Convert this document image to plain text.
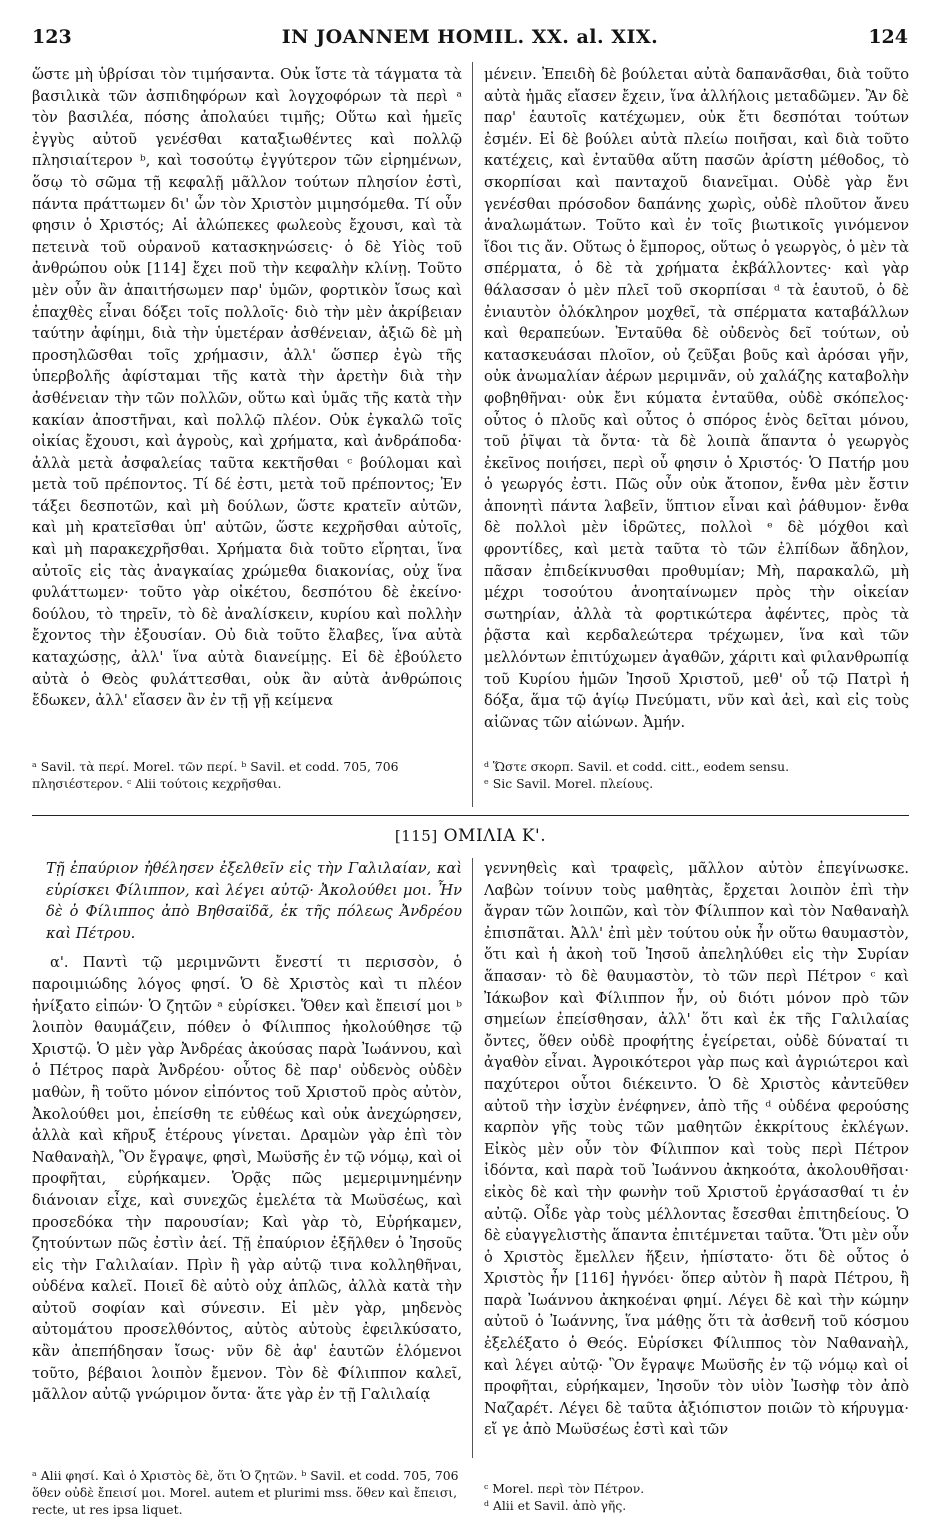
123	IN JOANNEM HOMIL. XX. al. XIX.	124

ὥστε μὴ ὑβρίσαι τὸν τιμήσαντα. Οὐκ ἴστε τὰ τάγματα τὰ βασιλικὰ τῶν ἀσπιδηφόρων καὶ λογχοφόρων τὰ περὶ ᵃ τὸν βασιλέα, πόσης ἀπολαύει τιμῆς; Οὕτω καὶ ἡμεῖς ἐγγὺς αὐτοῦ γενέσθαι καταξιωθέντες καὶ πολλῷ πλησιαίτερον ᵇ, καὶ τοσούτῳ ἐγγύτερον τῶν εἰρημένων, ὅσῳ τὸ σῶμα τῇ κεφαλῇ μᾶλλον τούτων πλησίον ἐστὶ, πάντα πράττωμεν δι' ὧν τὸν Χριστὸν μιμησόμεθα. Τί οὖν φησιν ὁ Χριστός; Αἱ ἀλώπεκες φωλεοὺς ἔχουσι, καὶ τὰ πετεινὰ τοῦ οὐρανοῦ κατασκηνώσεις· ὁ δὲ Υἱὸς τοῦ ἀνθρώπου οὐκ [114] ἔχει ποῦ τὴν κεφαλὴν κλίνῃ. Τοῦτο μὲν οὖν ἂν ἀπαιτήσωμεν παρ' ὑμῶν, φορτικὸν ἴσως καὶ ἐπαχθὲς εἶναι δόξει τοῖς πολλοῖς· διὸ τὴν μὲν ἀκρίβειαν ταύτην ἀφίημι, διὰ τὴν ὑμετέραν ἀσθένειαν, ἀξιῶ δὲ μὴ προσηλῶσθαι τοῖς χρήμασιν, ἀλλ' ὥσπερ ἐγὼ τῆς ὑπερβολῆς ἀφίσταμαι τῆς κατὰ τὴν ἀρετὴν διὰ τὴν ἀσθένειαν τὴν τῶν πολλῶν, οὕτω καὶ ὑμᾶς τῆς κατὰ τὴν κακίαν ἀποστῆναι, καὶ πολλῷ πλέον. Οὐκ ἐγκαλῶ τοῖς οἰκίας ἔχουσι, καὶ ἀγροὺς, καὶ χρήματα, καὶ ἀνδράποδα· ἀλλὰ μετὰ ἀσφαλείας ταῦτα κεκτῆσθαι ᶜ βούλομαι καὶ μετὰ τοῦ πρέποντος. Τί δέ ἐστι, μετὰ τοῦ πρέποντος; Ἐν τάξει δεσποτῶν, καὶ μὴ δούλων, ὥστε κρατεῖν αὐτῶν, καὶ μὴ κρατεῖσθαι ὑπ' αὐτῶν, ὥστε κεχρῆσθαι αὐτοῖς, καὶ μὴ παρακεχρῆσθαι. Χρήματα διὰ τοῦτο εἴρηται, ἵνα αὐτοῖς εἰς τὰς ἀναγκαίας χρώμεθα διακονίας, οὐχ ἵνα φυλάττωμεν· τοῦτο γὰρ οἰκέτου, δεσπότου δὲ ἐκείνο· δούλου, τὸ τηρεῖν, τὸ δὲ ἀναλίσκειν, κυρίου καὶ πολλὴν ἔχοντος τὴν ἐξουσίαν. Οὐ διὰ τοῦτο ἔλαβες, ἵνα αὐτὰ καταχώσῃς, ἀλλ' ἵνα αὐτὰ διανείμῃς. Εἰ δὲ ἐβούλετο αὐτὰ ὁ Θεὸς φυλάττεσθαι, οὐκ ἂν αὐτὰ ἀνθρώποις ἔδωκεν, ἀλλ' εἴασεν ἂν ἐν τῇ γῇ κείμενα

μένειν. Ἐπειδὴ δὲ βούλεται αὐτὰ δαπανᾶσθαι, διὰ τοῦτο αὐτὰ ἡμᾶς εἴασεν ἔχειν, ἵνα ἀλλήλοις μεταδῶμεν. Ἂν δὲ παρ' ἑαυτοῖς κατέχωμεν, οὐκ ἔτι δεσπόται τούτων ἐσμέν. Εἰ δὲ βούλει αὐτὰ πλείω ποιῆσαι, καὶ διὰ τοῦτο κατέχεις, καὶ ἐνταῦθα αὕτη πασῶν ἀρίστη μέθοδος, τὸ σκορπίσαι καὶ πανταχοῦ διανεῖμαι. Οὐδὲ γὰρ ἔνι γενέσθαι πρόσοδον δαπάνης χωρὶς, οὐδὲ πλοῦτον ἄνευ ἀναλωμάτων. Τοῦτο καὶ ἐν τοῖς βιωτικοῖς γινόμενον ἴδοι τις ἄν. Οὕτως ὁ ἔμπορος, οὕτως ὁ γεωργὸς, ὁ μὲν τὰ σπέρματα, ὁ δὲ τὰ χρήματα ἐκβάλλοντες· καὶ γὰρ θάλασσαν ὁ μὲν πλεῖ τοῦ σκορπίσαι ᵈ τὰ ἑαυτοῦ, ὁ δὲ ἐνιαυτὸν ὁλόκληρον μοχθεῖ, τὰ σπέρματα καταβάλλων καὶ θεραπεύων. Ἐνταῦθα δὲ οὐδενὸς δεῖ τούτων, οὐ κατασκευάσαι πλοῖον, οὐ ζεῦξαι βοῦς καὶ ἀρόσαι γῆν, οὐκ ἀνωμαλίαν ἀέρων μεριμνᾶν, οὐ χαλάζης καταβολὴν φοβηθῆναι· οὐκ ἔνι κύματα ἐνταῦθα, οὐδὲ σκόπελος· οὗτος ὁ πλοῦς καὶ οὗτος ὁ σπόρος ἑνὸς δεῖται μόνου, τοῦ ῥῖψαι τὰ ὄντα· τὰ δὲ λοιπὰ ἅπαντα ὁ γεωργὸς ἐκεῖνος ποιήσει, περὶ οὗ φησιν ὁ Χριστός· Ὁ Πατήρ μου ὁ γεωργός ἐστι. Πῶς οὖν οὐκ ἄτοπον, ἔνθα μὲν ἔστιν ἀπονητὶ πάντα λαβεῖν, ὕπτιον εἶναι καὶ ῥάθυμον· ἔνθα δὲ πολλοὶ μὲν ἱδρῶτες, πολλοὶ ᵉ δὲ μόχθοι καὶ φροντίδες, καὶ μετὰ ταῦτα τὸ τῶν ἐλπίδων ἄδηλον, πᾶσαν ἐπιδείκνυσθαι προθυμίαν; Μὴ, παρακαλῶ, μὴ μέχρι τοσούτου ἀνοηταίνωμεν πρὸς τὴν οἰκείαν σωτηρίαν, ἀλλὰ τὰ φορτικώτερα ἀφέντες, πρὸς τὰ ῥᾷστα καὶ κερδαλεώτερα τρέχωμεν, ἵνα καὶ τῶν μελλόντων ἐπιτύχωμεν ἀγαθῶν, χάριτι καὶ φιλανθρωπίᾳ τοῦ Κυρίου ἡμῶν Ἰησοῦ Χριστοῦ, μεθ' οὗ τῷ Πατρὶ ἡ δόξα, ἅμα τῷ ἁγίῳ Πνεύματι, νῦν καὶ ἀεὶ, καὶ εἰς τοὺς αἰῶνας τῶν αἰώνων. Ἀμήν.

ᵃ Savil. τὰ περί. Morel. τῶν περί. ᵇ Savil. et codd. 705, 706 πλησιέστερον. ᶜ Alii τούτοις κεχρῆσθαι.

ᵈ Ὥστε σκορπ. Savil. et codd. citt., eodem sensu.

ᵉ Sic Savil. Morel. πλείους.

[115] ΟΜΙΛΙΑ Κ'.

Τῇ ἐπαύριον ἠθέλησεν ἐξελθεῖν εἰς τὴν Γαλιλαίαν, καὶ εὑρίσκει Φίλιππον, καὶ λέγει αὐτῷ· Ἀκολούθει μοι. Ἦν δὲ ὁ Φίλιππος ἀπὸ Βηθσαϊδᾶ, ἐκ τῆς πόλεως Ἀνδρέου καὶ Πέτρου.

α'. Παντὶ τῷ μεριμνῶντι ἔνεστί τι περισσὸν, ὁ παροιμιώδης λόγος φησί. Ὁ δὲ Χριστὸς καὶ τι πλέον ἠνίξατο εἰπών· Ὁ ζητῶν ᵃ εὑρίσκει. Ὅθεν καὶ ἔπεισί μοι ᵇ λοιπὸν θαυμάζειν, πόθεν ὁ Φίλιππος ἠκολούθησε τῷ Χριστῷ. Ὁ μὲν γὰρ Ἀνδρέας ἀκούσας παρὰ Ἰωάννου, καὶ ὁ Πέτρος παρὰ Ἀνδρέου· οὗτος δὲ παρ' οὐδενὸς οὐδὲν μαθὼν, ἢ τοῦτο μόνον εἰπόντος τοῦ Χριστοῦ πρὸς αὐτὸν, Ἀκολούθει μοι, ἐπείσθη τε εὐθέως καὶ οὐκ ἀνεχώρησεν, ἀλλὰ καὶ κῆρυξ ἑτέρους γίνεται. Δραμὼν γὰρ ἐπὶ τὸν Ναθαναὴλ, Ὃν ἔγραψε, φησὶ, Μωϋσῆς ἐν τῷ νόμῳ, καὶ οἱ προφῆται, εὑρήκαμεν. Ὁρᾷς πῶς μεμεριμνημένην διάνοιαν εἶχε, καὶ συνεχῶς ἐμελέτα τὰ Μωϋσέως, καὶ προσεδόκα τὴν παρουσίαν; Καὶ γὰρ τὸ, Εὑρήκαμεν, ζητούντων πῶς ἐστὶν ἀεί. Τῇ ἐπαύριον ἐξῆλθεν ὁ Ἰησοῦς εἰς τὴν Γαλιλαίαν. Πρὶν ἢ γὰρ αὐτῷ τινα κολληθῆναι, οὐδένα καλεῖ. Ποιεῖ δὲ αὐτὸ οὐχ ἁπλῶς, ἀλλὰ κατὰ τὴν αὐτοῦ σοφίαν καὶ σύνεσιν. Εἰ μὲν γὰρ, μηδενὸς αὐτομάτου προσελθόντος, αὐτὸς αὐτοὺς ἐφειλκύσατο, κἂν ἀπεπήδησαν ἴσως· νῦν δὲ ἀφ' ἑαυτῶν ἑλόμενοι τοῦτο, βέβαιοι λοιπὸν ἔμενον. Τὸν δὲ Φίλιππον καλεῖ, μᾶλλον αὐτῷ γνώριμον ὄντα· ἅτε γὰρ ἐν τῇ Γαλιλαίᾳ

γεννηθεὶς καὶ τραφεὶς, μᾶλλον αὐτὸν ἐπεγίνωσκε. Λαβὼν τοίνυν τοὺς μαθητὰς, ἔρχεται λοιπὸν ἐπὶ τὴν ἄγραν τῶν λοιπῶν, καὶ τὸν Φίλιππον καὶ τὸν Ναθαναὴλ ἐπισπᾶται. Ἀλλ' ἐπὶ μὲν τούτου οὐκ ἦν οὕτω θαυμαστὸν, ὅτι καὶ ἡ ἀκοὴ τοῦ Ἰησοῦ ἀπεληλύθει εἰς τὴν Συρίαν ἅπασαν· τὸ δὲ θαυμαστὸν, τὸ τῶν περὶ Πέτρον ᶜ καὶ Ἰάκωβον καὶ Φίλιππον ἦν, οὐ διότι μόνον πρὸ τῶν σημείων ἐπείσθησαν, ἀλλ' ὅτι καὶ ἐκ τῆς Γαλιλαίας ὄντες, ὅθεν οὐδὲ προφήτης ἐγείρεται, οὐδὲ δύναταί τι ἀγαθὸν εἶναι. Ἀγροικότεροι γὰρ πως καὶ ἀγριώτεροι καὶ παχύτεροι οὗτοι διέκειντο. Ὁ δὲ Χριστὸς κἀντεῦθεν αὐτοῦ τὴν ἰσχὺν ἐνέφηνεν, ἀπὸ τῆς ᵈ οὐδένα φερούσης καρπὸν γῆς τοὺς τῶν μαθητῶν ἐκκρίτους ἐκλέγων. Εἰκὸς μὲν οὖν τὸν Φίλιππον καὶ τοὺς περὶ Πέτρον ἰδόντα, καὶ παρὰ τοῦ Ἰωάννου ἀκηκοότα, ἀκολουθῆσαι· εἰκὸς δὲ καὶ τὴν φωνὴν τοῦ Χριστοῦ ἐργάσασθαί τι ἐν αὐτῷ. Οἶδε γὰρ τοὺς μέλλοντας ἔσεσθαι ἐπιτηδείους. Ὁ δὲ εὐαγγελιστὴς ἅπαντα ἐπιτέμνεται ταῦτα. Ὅτι μὲν οὖν ὁ Χριστὸς ἔμελλεν ἥξειν, ἠπίστατο· ὅτι δὲ οὗτος ὁ Χριστὸς ἦν [116] ἠγνόει· ὅπερ αὐτὸν ἢ παρὰ Πέτρου, ἢ παρὰ Ἰωάννου ἀκηκοέναι φημί. Λέγει δὲ καὶ τὴν κώμην αὐτοῦ ὁ Ἰωάννης, ἵνα μάθῃς ὅτι τὰ ἀσθενῆ τοῦ κόσμου ἐξελέξατο ὁ Θεός. Εὑρίσκει Φίλιππος τὸν Ναθαναὴλ, καὶ λέγει αὐτῷ· Ὃν ἔγραψε Μωϋσῆς ἐν τῷ νόμῳ καὶ οἱ προφῆται, εὑρήκαμεν, Ἰησοῦν τὸν υἱὸν Ἰωσὴφ τὸν ἀπὸ Ναζαρέτ. Λέγει δὲ ταῦτα ἀξιόπιστον ποιῶν τὸ κήρυγμα· εἴ γε ἀπὸ Μωϋσέως ἐστὶ καὶ τῶν

ᵃ Alii φησί. Καὶ ὁ Χριστὸς δὲ, ὅτι Ὁ ζητῶν. ᵇ Savil. et codd. 705, 706 ὅθεν οὐδὲ ἔπεισί μοι. Morel. autem et plurimi mss. ὅθεν καὶ ἔπεισι, recte, ut res ipsa liquet.

ᶜ Morel. περὶ τὸν Πέτρον.

ᵈ Alii et Savil. ἀπὸ γῆς.
